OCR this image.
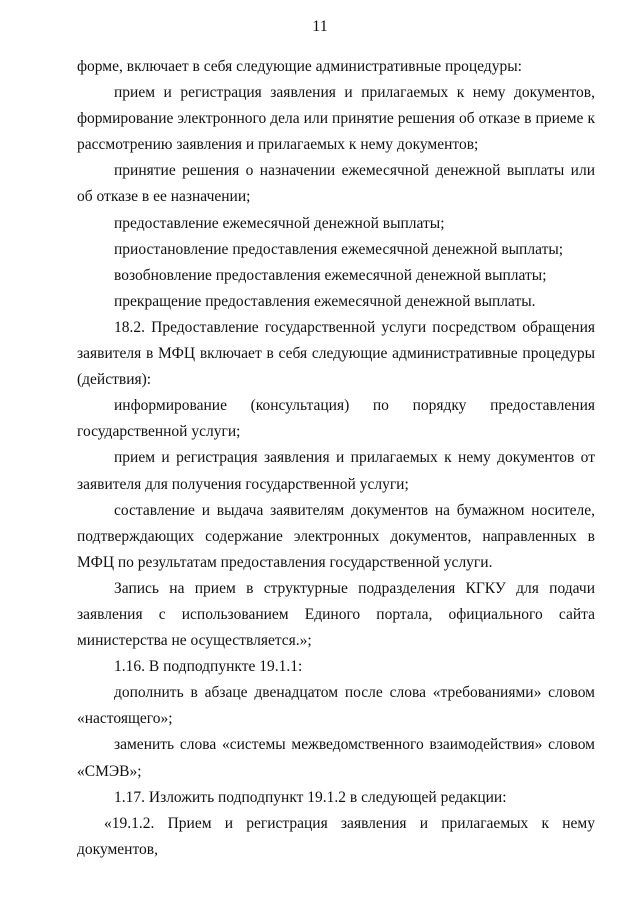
11

форме, включает в себя следующие административные процедуры:

прием и регистрация заявления и прилагаемых к нему документов, формирование электронного дела или принятие решения об отказе в приеме к рассмотрению заявления и прилагаемых к нему документов;

принятие решения о назначении ежемесячной денежной выплаты или об отказе в ее назначении;

предоставление ежемесячной денежной выплаты;

приостановление предоставления ежемесячной денежной выплаты;

возобновление предоставления ежемесячной денежной выплаты;

прекращение предоставления ежемесячной денежной выплаты.

18.2. Предоставление государственной услуги посредством обращения заявителя в МФЦ включает в себя следующие административные процедуры (действия):

информирование (консультация) по порядку предоставления государственной услуги;

прием и регистрация заявления и прилагаемых к нему документов от заявителя для получения государственной услуги;

составление и выдача заявителям документов на бумажном носителе, подтверждающих содержание электронных документов, направленных в МФЦ по результатам предоставления государственной услуги.

Запись на прием в структурные подразделения КГКУ для подачи заявления с использованием Единого портала, официального сайта министерства не осуществляется.»;

1.16. В подподпункте 19.1.1:

дополнить в абзаце двенадцатом после слова «требованиями» словом «настоящего»;

заменить слова «системы межведомственного взаимодействия» словом «СМЭВ»;

1.17. Изложить подподпункт 19.1.2 в следующей редакции:

«19.1.2. Прием и регистрация заявления и прилагаемых к нему документов,
